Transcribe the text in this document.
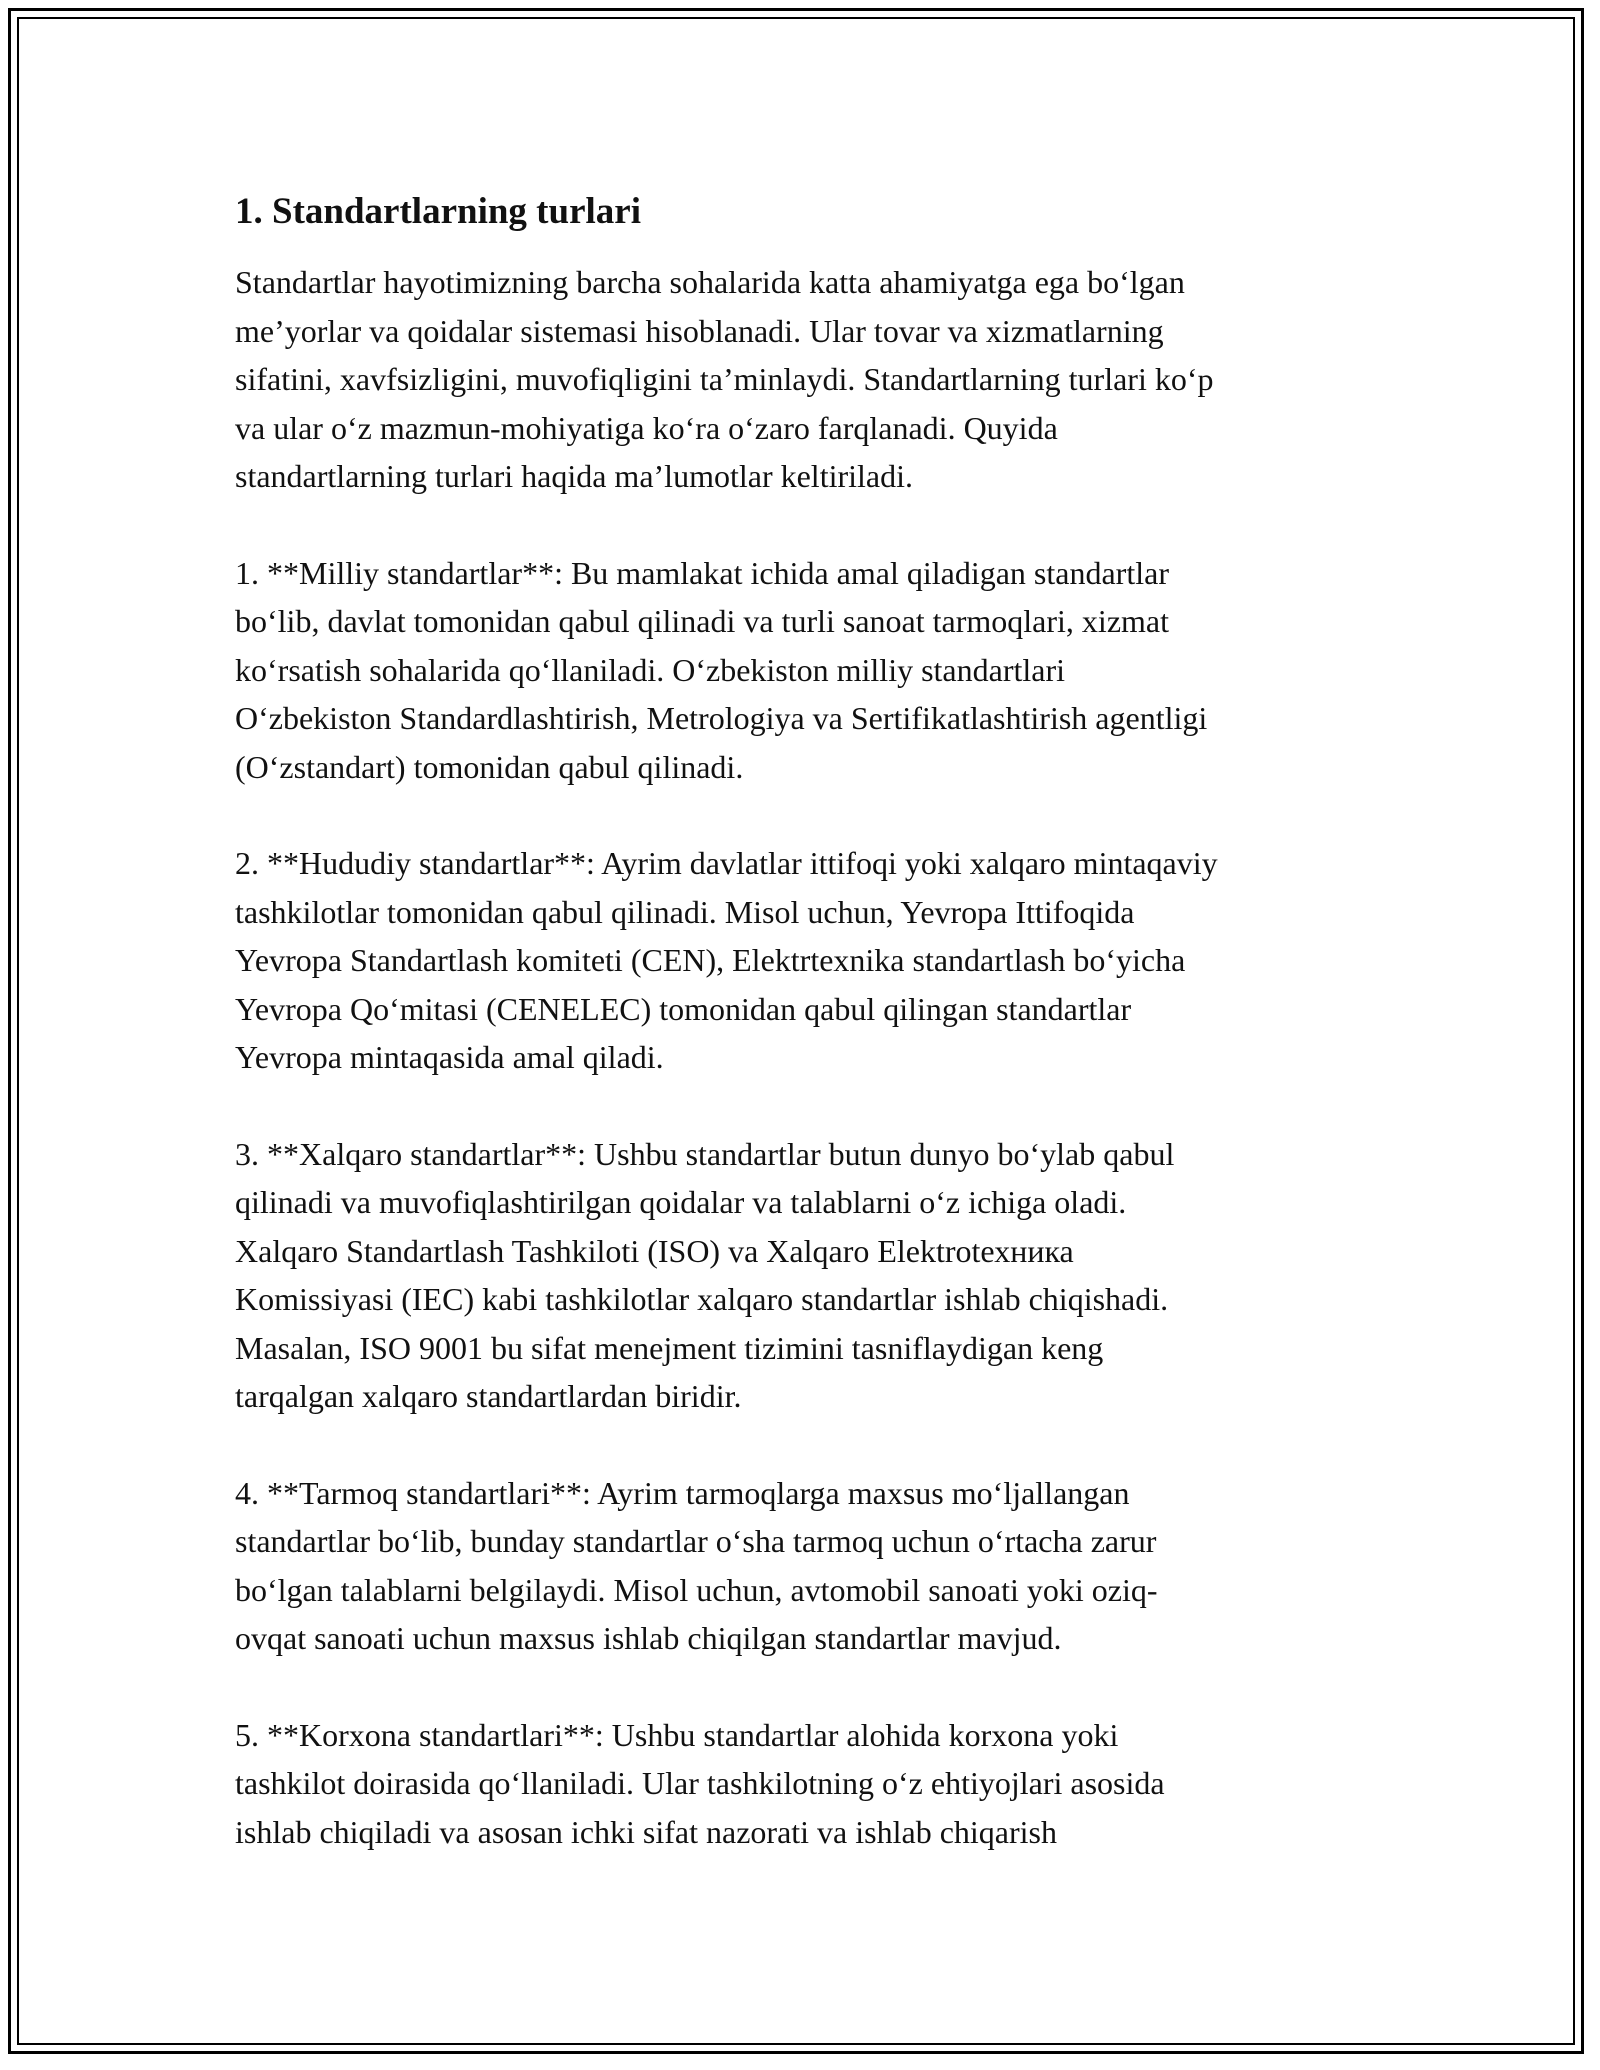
1. Standartlarning turlari
Standartlar hayotimizning barcha sohalarida katta ahamiyatga ega boʻlgan
me’yorlar va qoidalar sistemasi hisoblanadi. Ular tovar va xizmatlarning
sifatini, xavfsizligini, muvofiqligini ta’minlaydi. Standartlarning turlari koʻp
va ular oʻz mazmun-mohiyatiga koʻra oʻzaro farqlanadi. Quyida
standartlarning turlari haqida ma’lumotlar keltiriladi.
1. **Milliy standartlar**: Bu mamlakat ichida amal qiladigan standartlar
boʻlib, davlat tomonidan qabul qilinadi va turli sanoat tarmoqlari, xizmat
koʻrsatish sohalarida qoʻllaniladi. Oʻzbekiston milliy standartlari
Oʻzbekiston Standardlashtirish, Metrologiya va Sertifikatlashtirish agentligi
(Oʻzstandart) tomonidan qabul qilinadi.
2. **Hududiy standartlar**: Ayrim davlatlar ittifoqi yoki xalqaro mintaqaviy
tashkilotlar tomonidan qabul qilinadi. Misol uchun, Yevropa Ittifoqida
Yevropa Standartlash komiteti (CEN), Elektrtexnika standartlash boʻyicha
Yevropa Qoʻmitasi (CENELEC) tomonidan qabul qilingan standartlar
Yevropa mintaqasida amal qiladi.
3. **Xalqaro standartlar**: Ushbu standartlar butun dunyo boʻylab qabul
qilinadi va muvofiqlashtirilgan qoidalar va talablarni oʻz ichiga oladi.
Xalqaro Standartlash Tashkiloti (ISO) va Xalqaro Elektrotехника
Komissiyasi (IEC) kabi tashkilotlar xalqaro standartlar ishlab chiqishadi.
Masalan, ISO 9001 bu sifat menejment tizimini tasniflaydigan keng
tarqalgan xalqaro standartlardan biridir.
4. **Tarmoq standartlari**: Ayrim tarmoqlarga maxsus moʻljallangan
standartlar boʻlib, bunday standartlar oʻsha tarmoq uchun oʻrtacha zarur
boʻlgan talablarni belgilaydi. Misol uchun, avtomobil sanoati yoki oziq-
ovqat sanoati uchun maxsus ishlab chiqilgan standartlar mavjud.
5. **Korxona standartlari**: Ushbu standartlar alohida korxona yoki
tashkilot doirasida qoʻllaniladi. Ular tashkilotning oʻz ehtiyojlari asosida
ishlab chiqiladi va asosan ichki sifat nazorati va ishlab chiqarish
